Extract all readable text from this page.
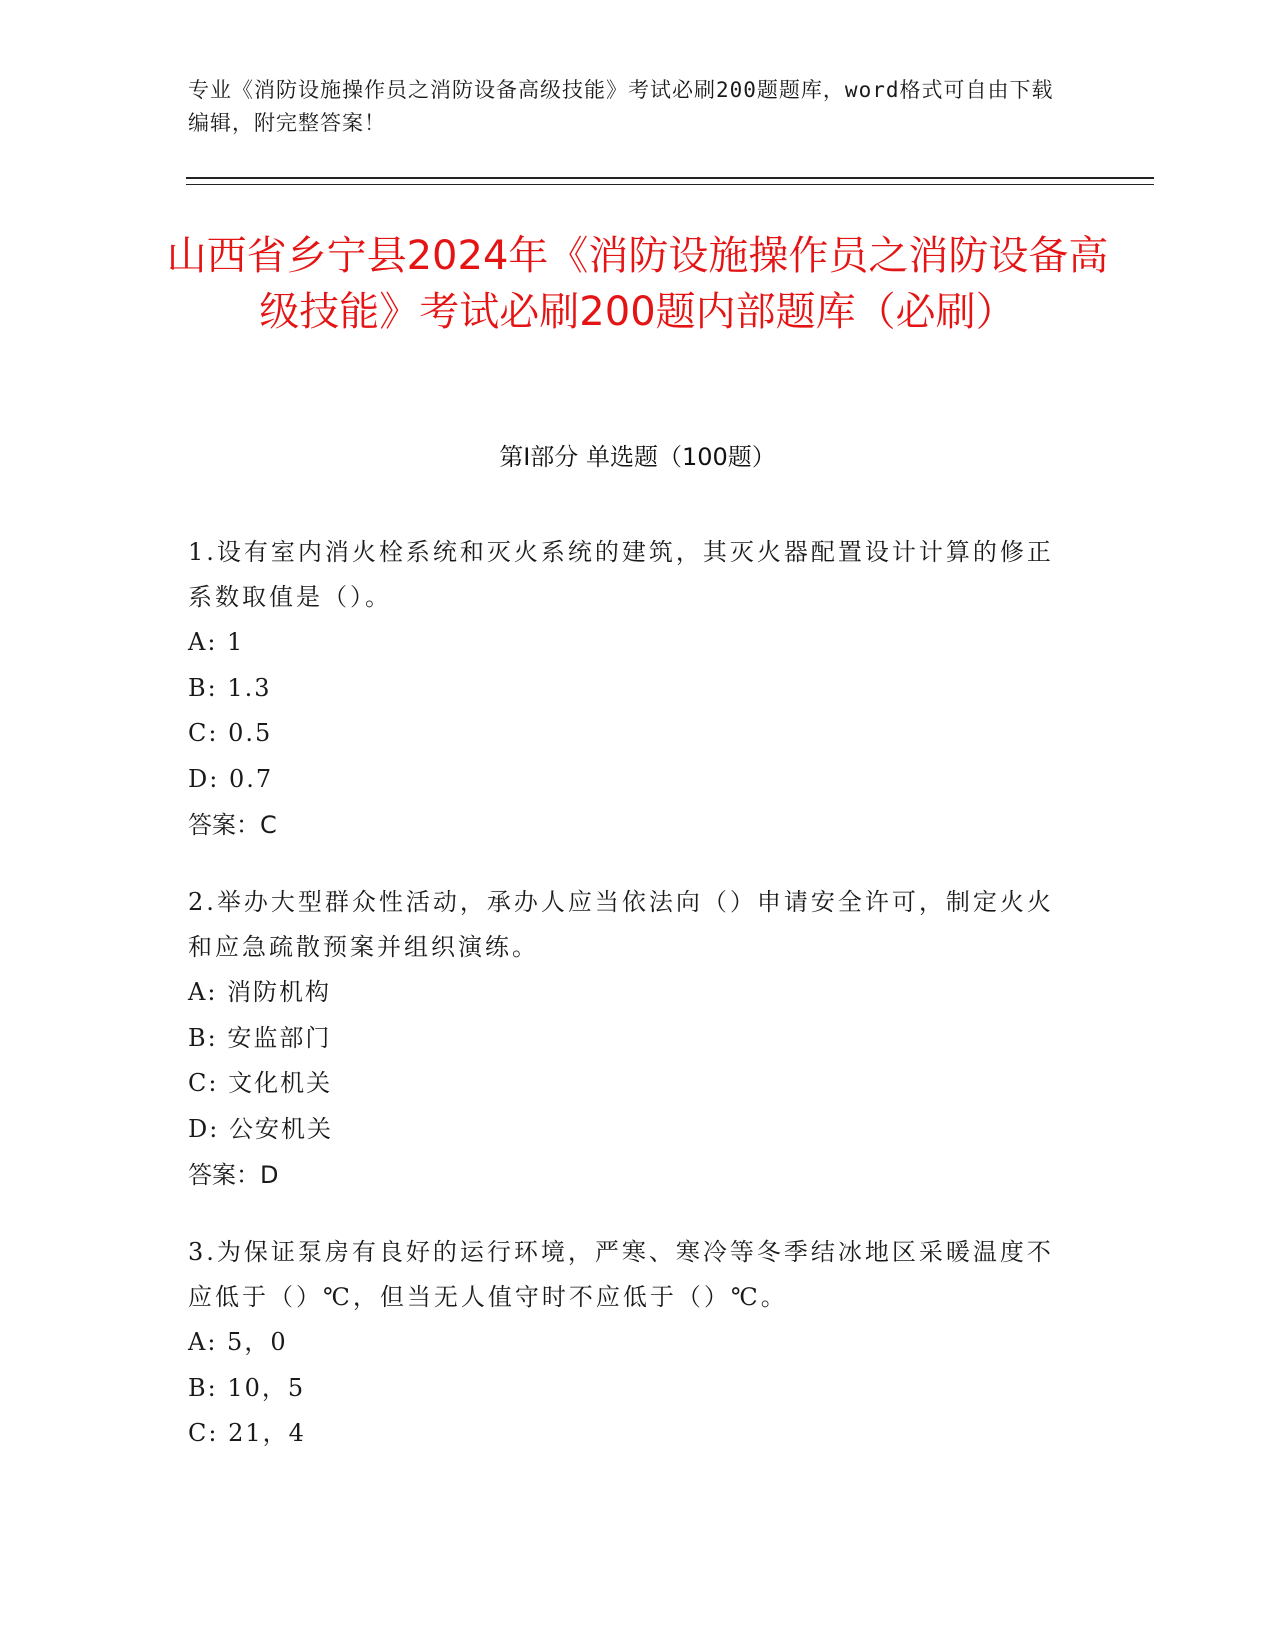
专业《消防设施操作员之消防设备高级技能》考试必刷200题题库，word格式可自由下载编辑，附完整答案！
山西省乡宁县2024年《消防设施操作员之消防设备高级技能》考试必刷200题内部题库（必刷）
第Ⅰ部分 单选题（100题）

1.设有室内消火栓系统和灭火系统的建筑，其灭火器配置设计计算的修正系数取值是（）。

A: 1

B: 1.3

C: 0.5

D: 0.7

答案：C

2.举办大型群众性活动，承办人应当依法向（）申请安全许可，制定火火和应急疏散预案并组织演练。

A: 消防机构

B: 安监部门

C: 文化机关

D: 公安机关

答案：D

3.为保证泵房有良好的运行环境，严寒、寒冷等冬季结冰地区采暖温度不应低于（）℃，但当无人值守时不应低于（）℃。

A: 5，0

B: 10，5

C: 21，4
